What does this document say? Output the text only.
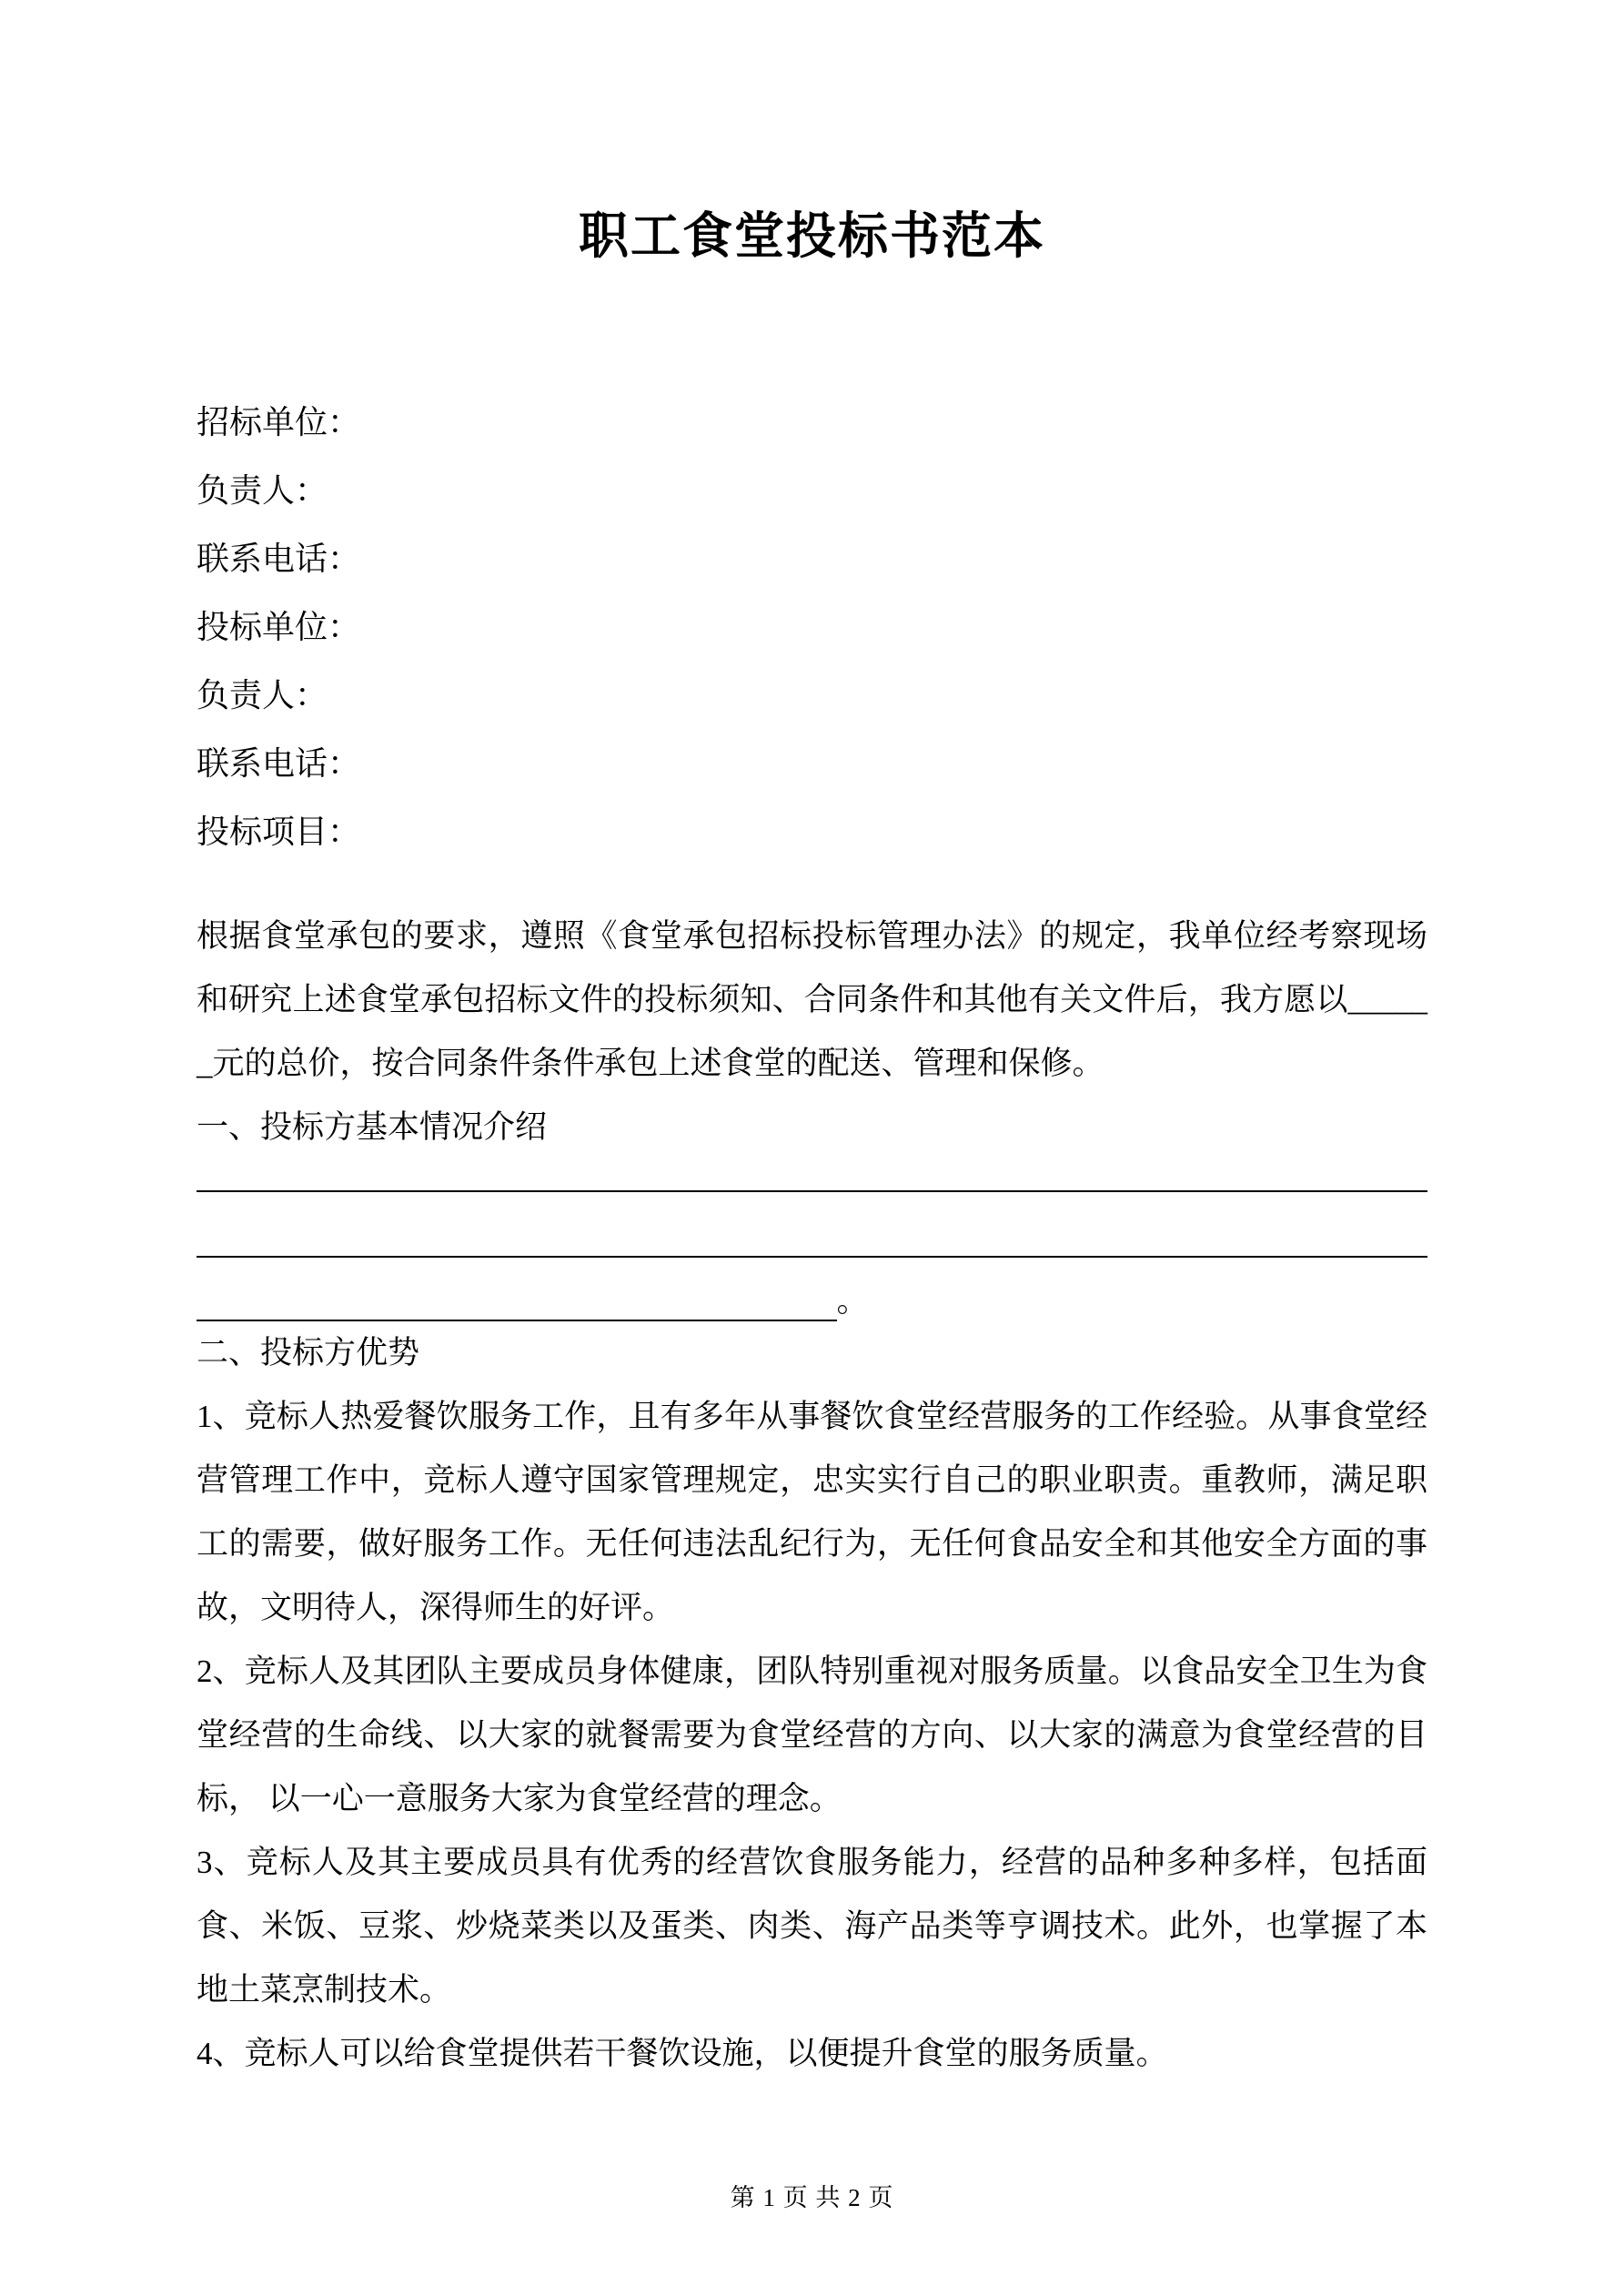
职工食堂投标书范本
招标单位：
负责人：
联系电话：
投标单位：
负责人：
联系电话：
投标项目：

根据食堂承包的要求，遵照《食堂承包招标投标管理办法》的规定，我单位经考察现场和研究上述食堂承包招标文件的投标须知、合同条件和其他有关文件后，我方愿以______元的总价，按合同条件条件承包上述食堂的配送、管理和保修。

一、投标方基本情况介绍

。

二、投标方优势

1、竞标人热爱餐饮服务工作，且有多年从事餐饮食堂经营服务的工作经验。从事食堂经营管理工作中，竞标人遵守国家管理规定，忠实实行自己的职业职责。重教师，满足职工的需要，做好服务工作。无任何违法乱纪行为，无任何食品安全和其他安全方面的事故，文明待人，深得师生的好评。

2、竞标人及其团队主要成员身体健康，团队特别重视对服务质量。以食品安全卫生为食堂经营的生命线、以大家的就餐需要为食堂经营的方向、以大家的满意为食堂经营的目标， 以一心一意服务大家为食堂经营的理念。

3、竞标人及其主要成员具有优秀的经营饮食服务能力，经营的品种多种多样，包括面食、米饭、豆浆、炒烧菜类以及蛋类、肉类、海产品类等亨调技术。此外，也掌握了本地土菜烹制技术。

4、竞标人可以给食堂提供若干餐饮设施，以便提升食堂的服务质量。

第 1 页 共 2 页
